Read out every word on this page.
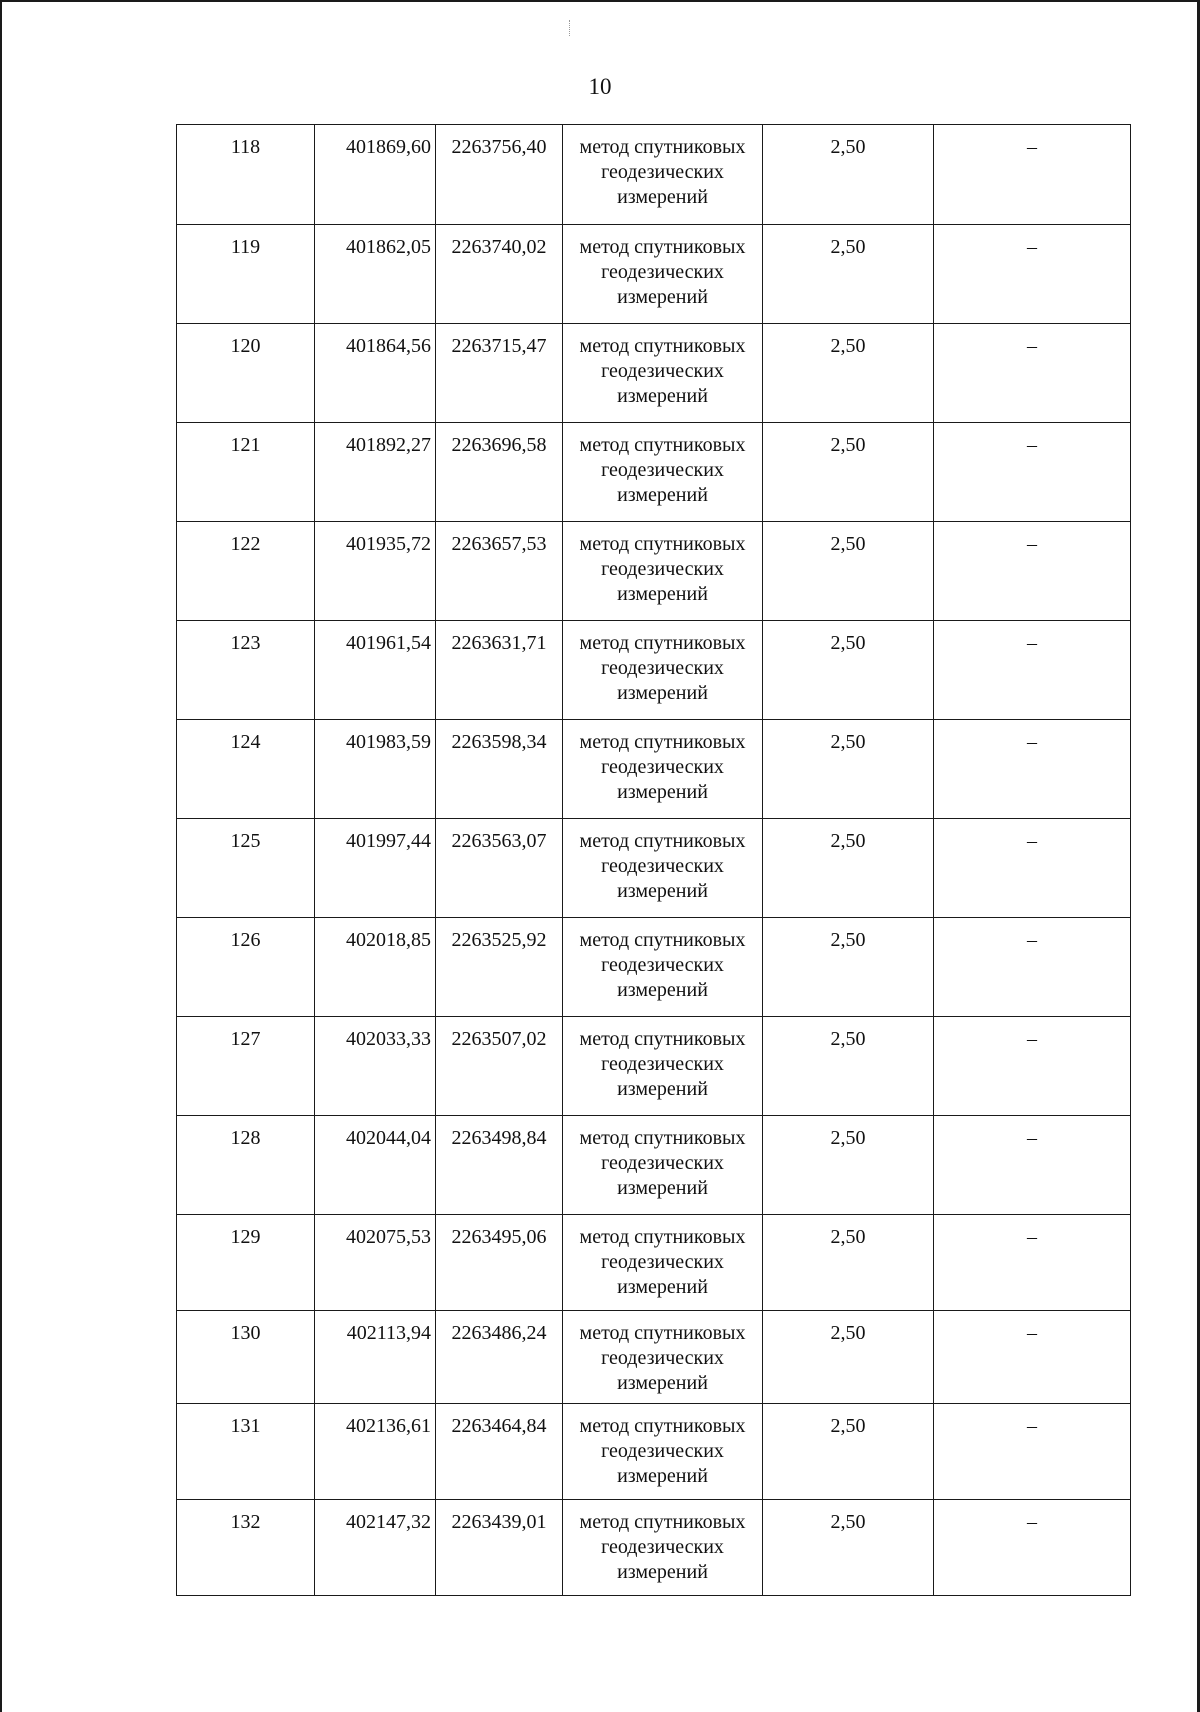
10
118	401869,60	2263756,40	метод спутниковых
геодезических
измерений	2,50	–
119	401862,05	2263740,02	метод спутниковых
геодезических
измерений	2,50	–
120	401864,56	2263715,47	метод спутниковых
геодезических
измерений	2,50	–
121	401892,27	2263696,58	метод спутниковых
геодезических
измерений	2,50	–
122	401935,72	2263657,53	метод спутниковых
геодезических
измерений	2,50	–
123	401961,54	2263631,71	метод спутниковых
геодезических
измерений	2,50	–
124	401983,59	2263598,34	метод спутниковых
геодезических
измерений	2,50	–
125	401997,44	2263563,07	метод спутниковых
геодезических
измерений	2,50	–
126	402018,85	2263525,92	метод спутниковых
геодезических
измерений	2,50	–
127	402033,33	2263507,02	метод спутниковых
геодезических
измерений	2,50	–
128	402044,04	2263498,84	метод спутниковых
геодезических
измерений	2,50	–
129	402075,53	2263495,06	метод спутниковых
геодезических
измерений	2,50	–
130	402113,94	2263486,24	метод спутниковых
геодезических
измерений	2,50	–
131	402136,61	2263464,84	метод спутниковых
геодезических
измерений	2,50	–
132	402147,32	2263439,01	метод спутниковых
геодезических
измерений	2,50	–
